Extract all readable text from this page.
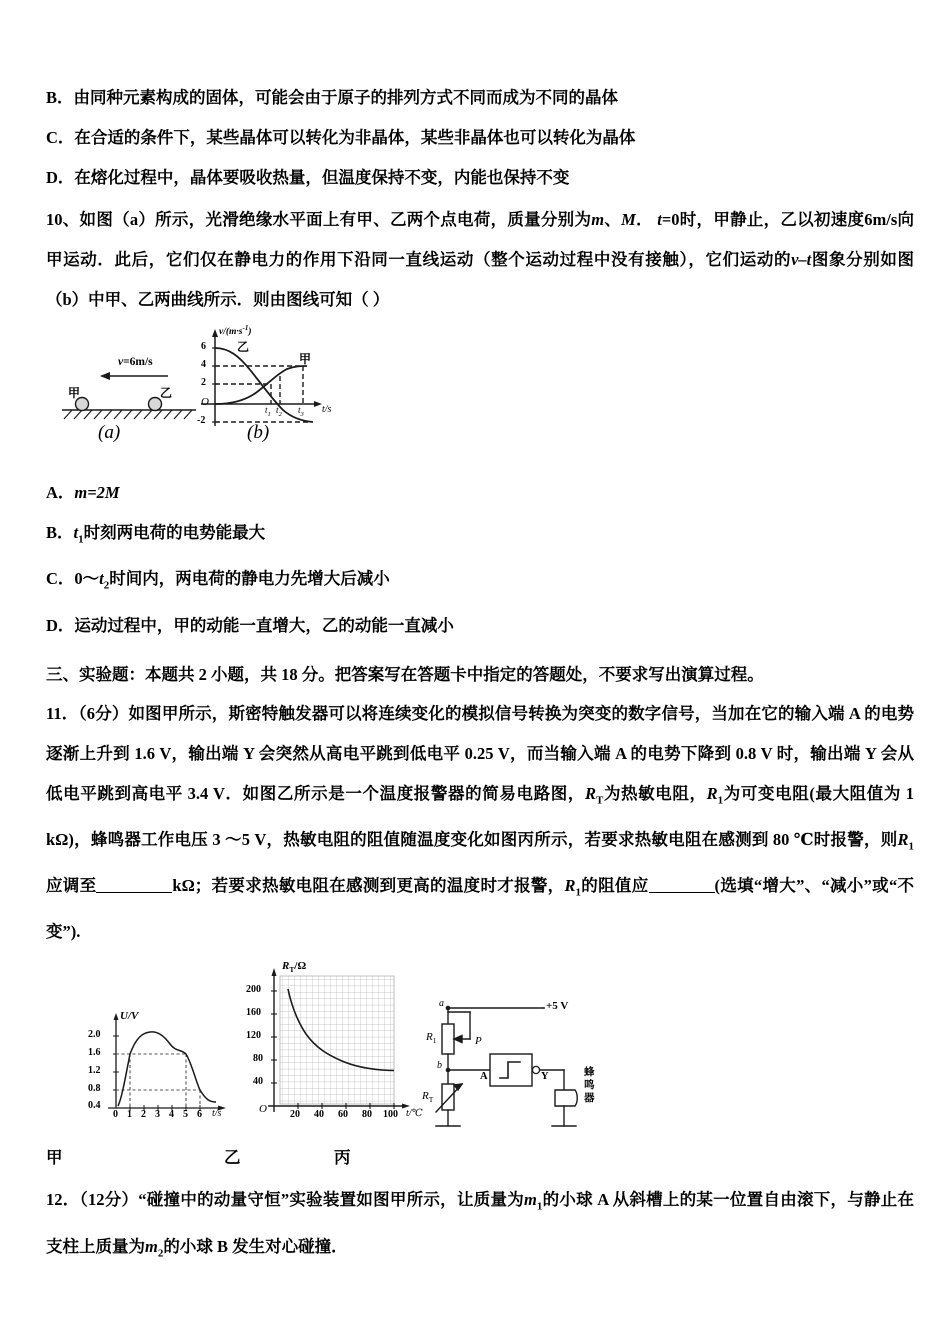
B．由同种元素构成的固体，可能会由于原子的排列方式不同而成为不同的晶体
C．在合适的条件下，某些晶体可以转化为非晶体，某些非晶体也可以转化为晶体
D．在熔化过程中，晶体要吸收热量，但温度保持不变，内能也保持不变
10、如图（a）所示，光滑绝缘水平面上有甲、乙两个点电荷，质量分别为m、M． t=0时，甲静止，乙以初速度6m/s向甲运动．此后，它们仅在静电力的作用下沿同一直线运动（整个运动过程中没有接触），它们运动的v–t图象分别如图（b）中甲、乙两曲线所示．则由图线可知（ ）
甲	乙
v=6m/s
(a)
$v/(m\cdot s^{-1})$
6
4
2
-2
O
$t_1$ $t_2$ $t_3$ t/s
乙
甲
(b)
A．m=2M
B．$t_1$时刻两电荷的电势能最大
C．$0\sim t_2$时间内，两电荷的静电力先增大后减小
D．运动过程中，甲的动能一直增大，乙的动能一直减小
三、实验题：本题共 2 小题，共 18 分。把答案写在答题卡中指定的答题处，不要求写出演算过程。
11．（6分）如图甲所示，斯密特触发器可以将连续变化的模拟信号转换为突变的数字信号，当加在它的输入端 A 的电势逐渐上升到 1.6 V，输出端 Y 会突然从高电平跳到低电平 0.25 V，而当输入端 A 的电势下降到 0.8 V 时，输出端 Y 会从低电平跳到高电平 3.4 V．如图乙所示是一个温度报警器的简易电路图，$R_T$为热敏电阻，$R_1$为可变电阻(最大阻值为 1 kΩ)，蜂鸣器工作电压 3 ～5 V，热敏电阻的阻值随温度变化如图丙所示，若要求热敏电阻在感测到 80 ℃时报警，则$R_1$应调至	kΩ；若要求热敏电阻在感测到更高的温度时才报警，$R_1$的阻值应	(选填“增大”、“减小”或“不变”).
U/V
2.0
1.6
1.2
0.8
0.4
0 1 2 3 4 5 6 t/s
$R_T/\Omega$
200
160
120
80
40
O 20 40 60 80 100 t/℃
+5 V
a
b
$R_1$	P
$R_T$
A	Y	蜂鸣器
甲	乙	丙
12．（12分）“碰撞中的动量守恒”实验装置如图甲所示，让质量为$m_1$的小球 A 从斜槽上的某一位置自由滚下，与静止在支柱上质量为$m_2$的小球 B 发生对心碰撞．
